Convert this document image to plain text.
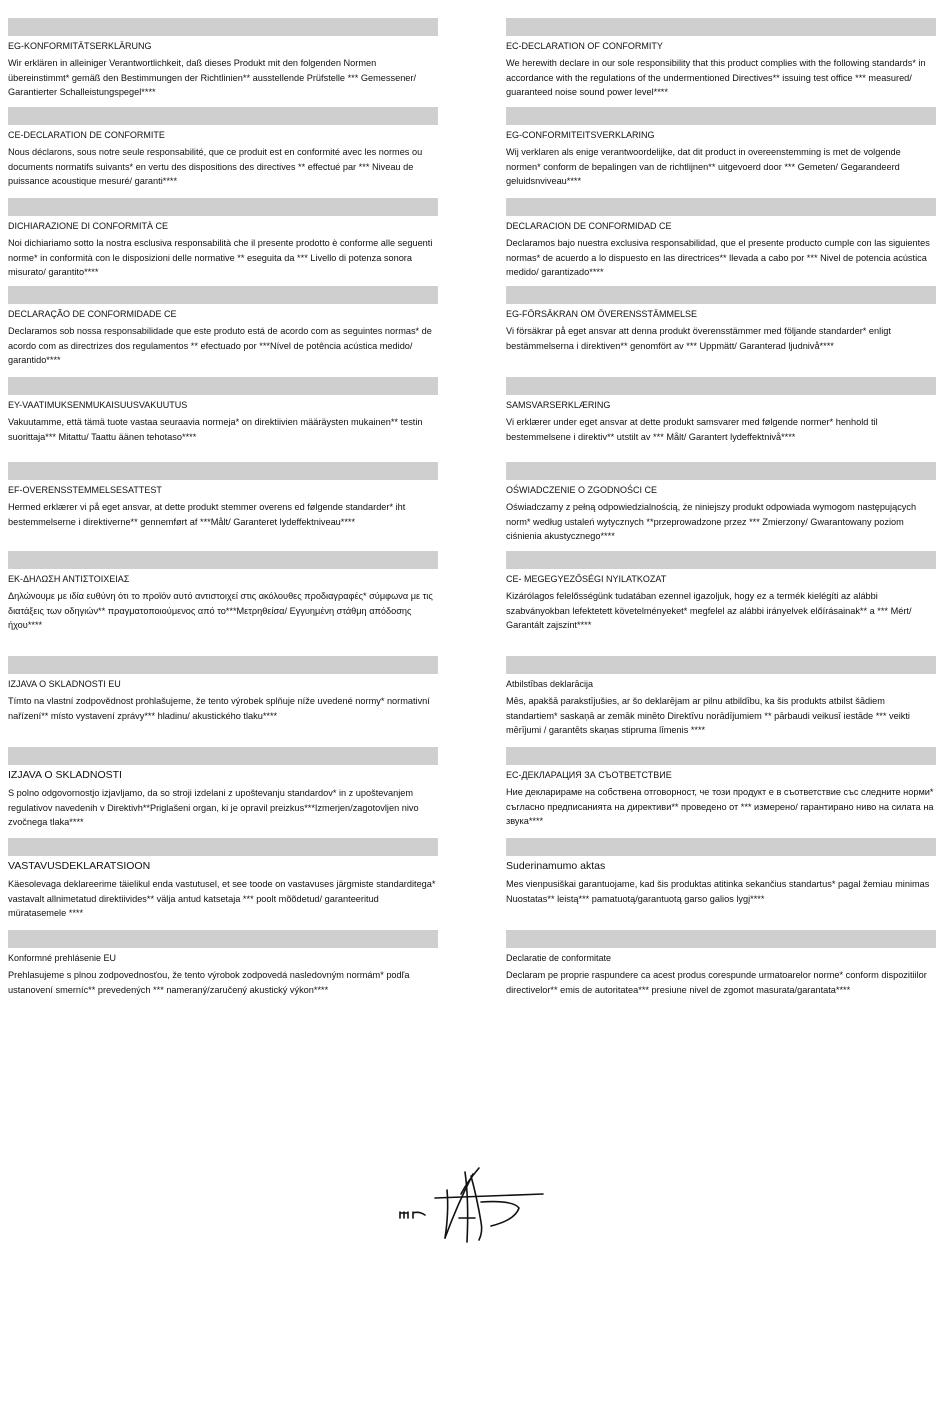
EG-KONFORMITÄTSERKLÄRUNG
Wir erklären in alleiniger Verantwortlichkeit, daß dieses Produkt mit den folgenden Normen übereinstimmt* gemäß den Bestimmungen der Richtlinien** ausstellende Prüfstelle *** Gemessener/ Garantierter Schalleistungspegel****
CE-DECLARATION DE CONFORMITE
Nous déclarons, sous notre seule responsabilité, que ce produit est en conformité avec les normes ou documents normatifs suivants* en vertu des dispositions des directives ** effectué par *** Niveau de puissance acoustique mesuré/ garanti****
DICHIARAZIONE DI CONFORMITÀ CE
Noi dichiariamo sotto la nostra esclusiva responsabilità che il presente prodotto è conforme alle seguenti norme* in conformità con le disposizioni delle normative ** eseguita da *** Livello di potenza sonora misurato/ garantito****
DECLARAÇÃO DE CONFORMIDADE CE
Declaramos sob nossa responsabilidade que este produto está de acordo com as seguintes normas* de acordo com as directrizes dos regulamentos ** efectuado por ***Nível de potência acústica medido/ garantido****
EY-VAATIMUKSENMUKAISUUSVAKUUTUS
Vakuutamme, että tämä tuote vastaa seuraavia normeja* on direktiivien määräysten mukainen** testin suorittaja*** Mitattu/ Taattu äänen tehotaso****
EF-OVERENSSTEMMELSESATTEST
Hermed erklærer vi på eget ansvar, at dette produkt stemmer overens ed følgende standarder* iht bestemmelserne i direktiverne** gennemført af ***Målt/ Garanteret lydeffektniveau****
ΕΚ-ΔΗΛΩΣΗ ΑΝΤΙΣΤΟΙΧΕΙΑΣ
Δηλώνουμε με ιδία ευθύνη ότι το προϊόν αυτό αντιστοιχεί στις ακόλουθες προδιαγραφές* σύμφωνα με τις διατάξεις των οδηγιών** πραγματοποιούμενος από το***Μετρηθείσα/ Εγγυημένη στάθμη απόδοσης ήχου****
IZJAVA O SKLADNOSTI EU
Tímto na vlastní zodpovědnost prohlašujeme, že tento výrobek splňuje níže uvedené normy* normativní nařízení** místo vystavení zprávy*** hladinu/ akustického tlaku****
IZJAVA O SKLADNOSTI
S polno odgovornostjo izjavljamo, da so stroji izdelani z upoštevanju standardov* in z upoštevanjem regulativov navedenih v Direktivh**Priglašeni organ, ki je opravil preizkus***Izmerjen/zagotovljen nivo zvočnega tlaka****
VASTAVUSDEKLARATSIOON
Käesolevaga deklareerime täielikul enda vastutusel, et see toode on vastavuses järgmiste standarditega* vastavalt allnimetatud direktiivides** välja antud katsetaja *** poolt mõõdetud/ garanteeritud müratasemele ****
Konformné prehlásenie EU
Prehlasujeme s plnou zodpovednosťou, že tento výrobok zodpovedá nasledovným normám* podľa ustanovení smerníc** prevedených *** nameraný/zaručený akustický výkon****
EC-DECLARATION OF CONFORMITY
We herewith declare in our sole responsibility that this product complies with the following standards* in accordance with the regulations of the undermentioned Directives** issuing test office *** measured/ guaranteed noise sound power level****
EG-CONFORMITEITSVERKLARING
Wij verklaren als enige verantwoordelijke, dat dit product in overeenstemming is met de volgende normen* conform de bepalingen van de richtlijnen** uitgevoerd door *** Gemeten/ Gegarandeerd geluidsnviveau****
DECLARACION DE CONFORMIDAD CE
Declaramos bajo nuestra exclusiva responsabilidad, que el presente producto cumple con las siguientes normas* de acuerdo a lo dispuesto en las directrices** llevada a cabo por *** Nivel de potencia acústica medido/ garantizado****
EG-FÖRSÄKRAN OM ÖVERENSSTÄMMELSE
Vi försäkrar på eget ansvar att denna produkt överensstämmer med följande standarder* enligt bestämmelserna i direktiven** genomfört av *** Uppmätt/ Garanterad ljudnivå****
SAMSVARSERKLÆRING
Vi erklærer under eget ansvar at dette produkt samsvarer med følgende normer* henhold til bestemmelsene i direktiv** utstilt av *** Målt/ Garantert lydeffektnivå****
OŚWIADCZENIE O ZGODNOŚCI CE
Oświadczamy z pełną odpowiedzialnością, że niniejszy produkt odpowiada wymogom następujących norm* według ustaleń wytycznych **przeprowadzone przez *** Zmierzony/ Gwarantowany poziom ciśnienia akustycznego****
CE- MEGEGYEZŐSÉGI NYILATKOZAT
Kizárólagos felelősségünk tudatában ezennel igazoljuk, hogy ez a termék kielégíti az alábbi szabványokban lefektetett követelményeket* megfelel az alábbi irányelvek előírásainak** a *** Mért/ Garantált zajszint****
Atbilstības deklarācija
Mēs, apakšā parakstījušies, ar šo deklarējam ar pilnu atbildību, ka šis produkts atbilst šādiem standartiem* saskaņā ar zemāk minēto Direktīvu norādījumiem ** pārbaudi veikusī iestāde *** veikti mērījumi / garantēts skaņas stipruma līmenis ****
ЕС-ДЕКЛАРАЦИЯ ЗА СЪОТВЕТСТВИЕ
Ние декларираме на собствена отговорност, че този продукт е в съответствие със следните норми* съгласно предписанията на директиви** проведено от *** измерено/ гарантирано ниво на силата на звука****
Suderinamumo aktas
Mes vienpusiškai garantuojame, kad šis produktas atitinka sekančius standartus* pagal žemiau minimas Nuostatas** leistą*** pamatuotą/garantuotą garso galios lygį****
Declaratie de conformitate
Declaram pe proprie raspundere ca acest produs corespunde urmatoarelor norme* conform dispozitiilor directivelor** emis de autoritatea*** presiune nivel de zgomot masurata/garantata****
